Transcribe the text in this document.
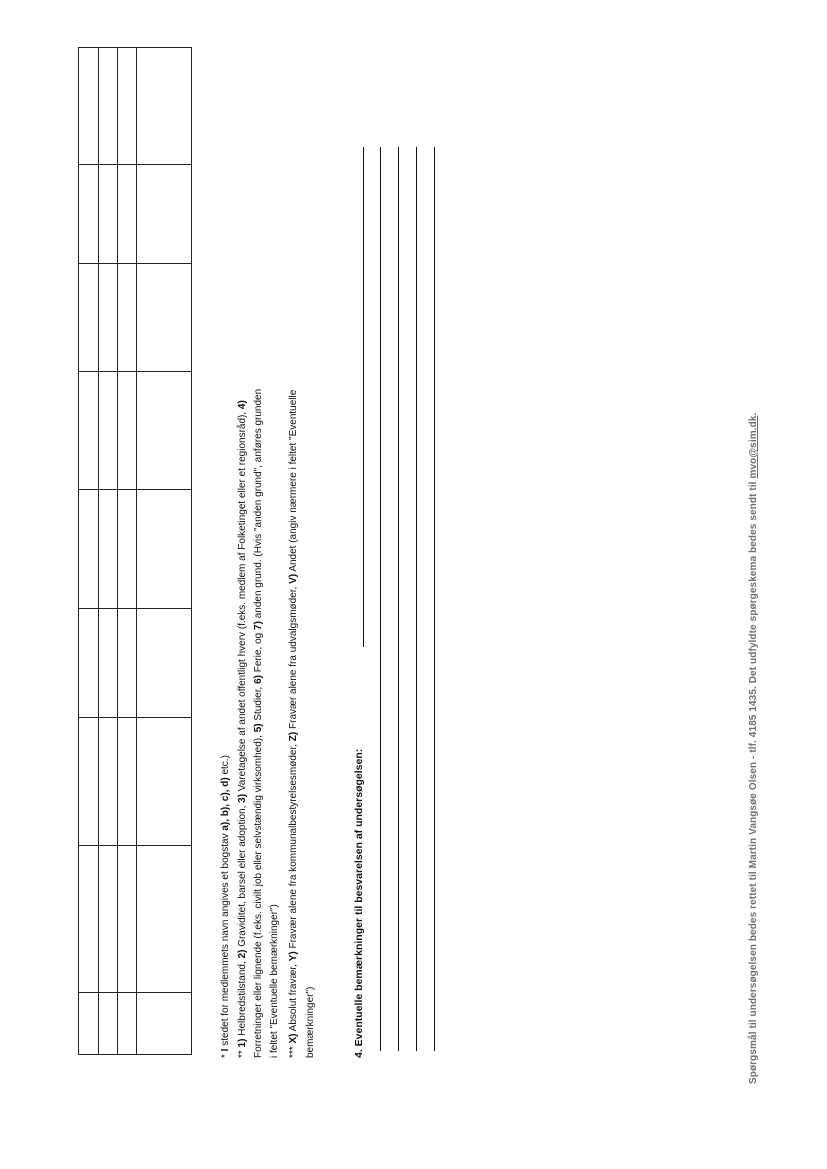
* I stedet for medlemmets navn angives et bogstav a), b), c), d) etc.)
** 1) Helbredstilstand, 2) Graviditet, barsel eller adoption, 3) Varetagelse af andet offentligt hverv (f.eks. medlem af Folketinget eller et regionsråd), 4)
Forretninger eller lignende (f.eks. civilt job eller selvstændig virksomhed), 5) Studier, 6) Ferie, og 7) anden grund. (Hvis "anden grund", anføres grunden
i feltet "Eventuelle bemærkninger") *** X) Absolut fravær, Y) Fravær alene fra kommunalbestyrelsesmøder, Z) Fravær alene fra udvalgsmøder, V) Andet (angiv nærmere i feltet "Eventuelle
bemærkninger")	4. Eventuelle bemærkninger til besvarelsen af undersøgelsen:	Spørgsmål til undersøgelsen bedes rettet til Martin Vangsøe Olsen - tlf. 4185 1435. Det udfyldte spørgeskema bedes sendt til mvo@sim.dk.
